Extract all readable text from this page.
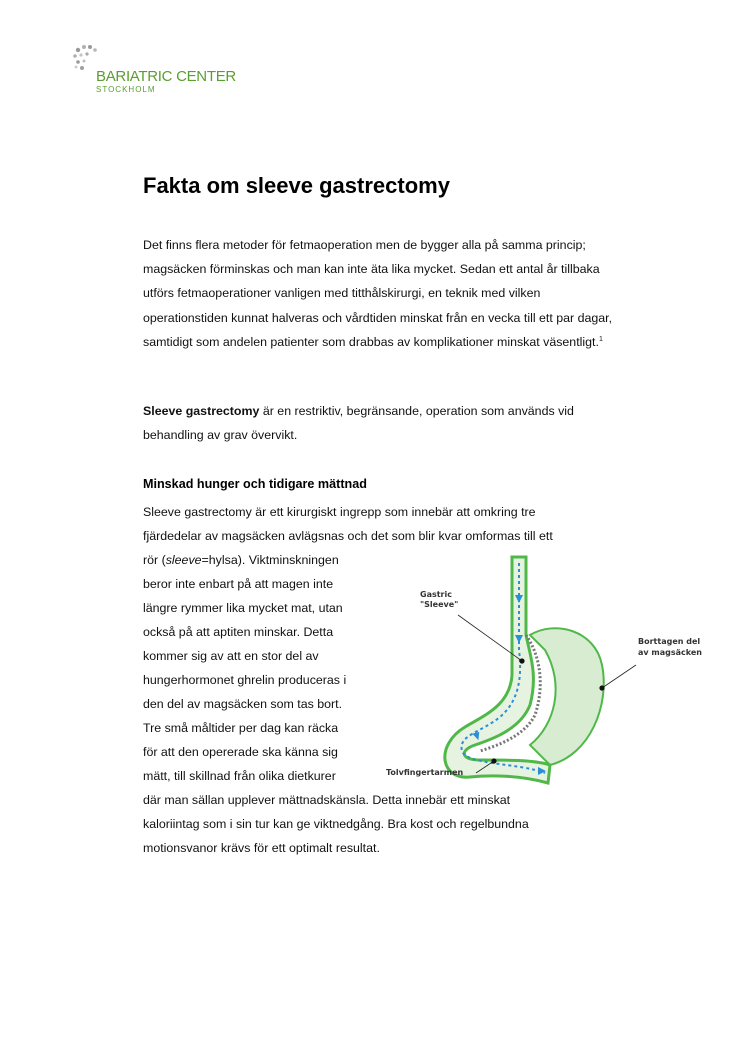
BARIATRIC CENTER
STOCKHOLM
Fakta om sleeve gastrectomy

Det finns flera metoder för fetmaoperation men de bygger alla på samma princip; magsäcken förminskas och man kan inte äta lika mycket. Sedan ett antal år tillbaka utförs fetmaoperationer vanligen med titthålskirurgi, en teknik med vilken operationstiden kunnat halveras och vårdtiden minskat från en vecka till ett par dagar, samtidigt som andelen patienter som drabbas av komplikationer minskat väsentligt.$^1$

Sleeve gastrectomy är en restriktiv, begränsande, operation som används vid behandling av grav övervikt.

Minskad hunger och tidigare mättnad
Sleeve gastrectomy är ett kirurgiskt ingrepp som innebär att omkring tre
fjärdedelar av magsäcken avlägsnas och det som blir kvar omformas till ett
rör (sleeve=hylsa). Viktminskningen
beror inte enbart på att magen inte
längre rymmer lika mycket mat, utan
också på att aptiten minskar. Detta
kommer sig av att en stor del av
hungerhormonet ghrelin produceras i
den del av magsäcken som tas bort.
Tre små måltider per dag kan räcka
för att den opererade ska känna sig
mätt, till skillnad från olika dietkurer
där man sällan upplever mättnadskänsla. Detta innebär ett minskat
kaloriintag som i sin tur kan ge viktnedgång. Bra kost och regelbundna
motionsvanor krävs för ett optimalt resultat.
Gastric
"Sleeve"
Borttagen del
av magsäcken
Tolvfingertarmen
